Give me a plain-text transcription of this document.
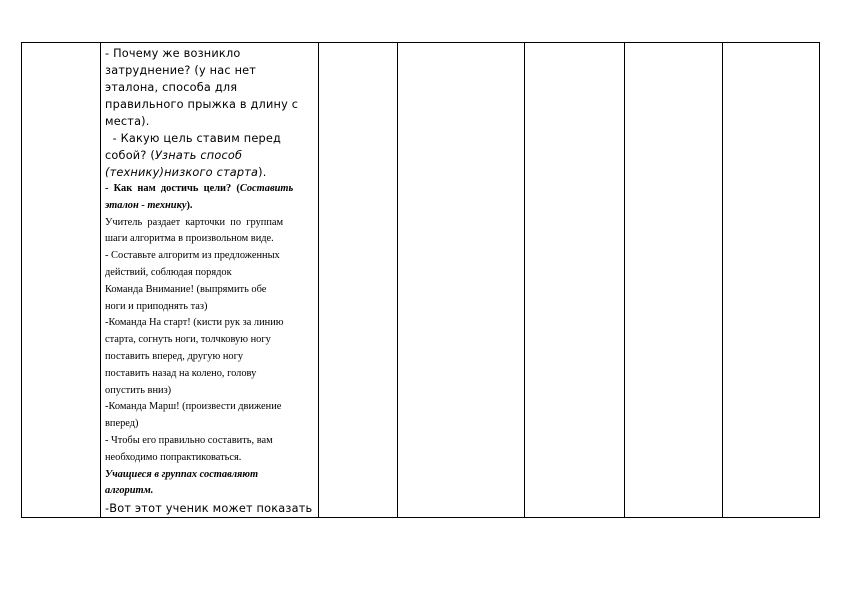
- Почему же возникло
затруднение? (у нас нет
эталона, способа для
правильного прыжка в длину с
места).
- Какую цель ставим перед
собой? (Узнать способ
(технику)низкого старта).
-  Как  нам  достичь  цели?  (Составить
эталон - технику).
Учитель  раздает  карточки  по  группам
шаги алгоритма в произвольном виде.
- Составьте алгоритм из предложенных
действий, соблюдая порядок
Команда Внимание! (выпрямить обе
ноги и приподнять таз)
-Команда На старт! (кисти рук за линию
старта, согнуть ноги, толчковую ногу
поставить вперед, другую ногу
поставить назад на колено, голову
опустить вниз)
-Команда Марш! (произвести движение
вперед)
- Чтобы его правильно составить, вам
необходимо попрактиковаться.
Учащиеся в группах составляют
алгоритм.
-Вот этот ученик может показать
